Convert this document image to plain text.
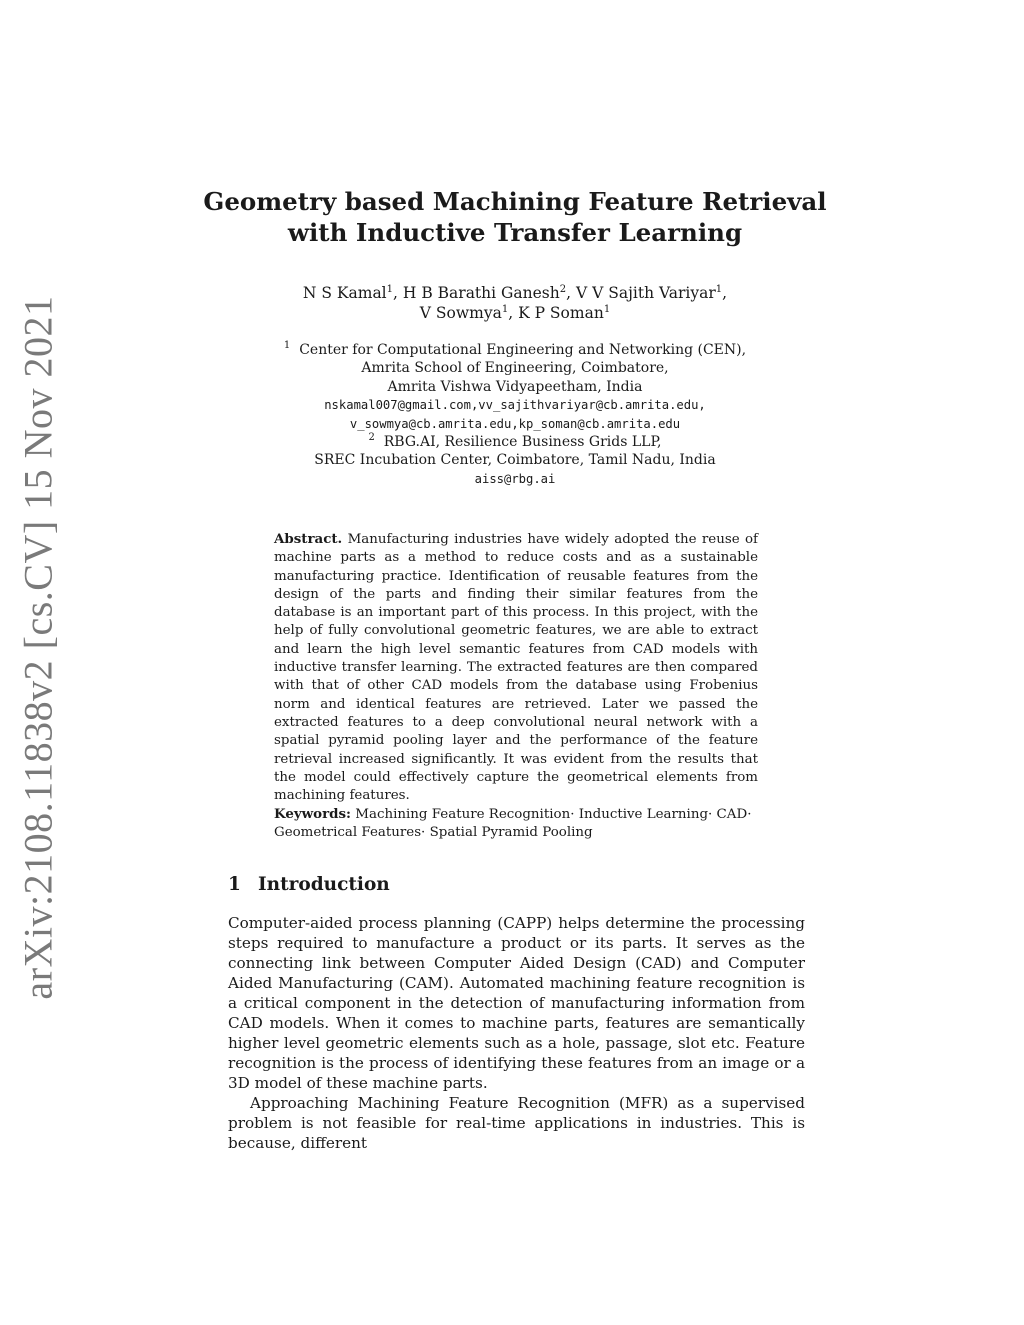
arXiv:2108.11838v2 [cs.CV] 15 Nov 2021
Geometry based Machining Feature Retrieval
with Inductive Transfer Learning
N S Kamal$^1$, H B Barathi Ganesh$^2$, V V Sajith Variyar$^1$,
V Sowmya$^1$, K P Soman$^1$
$^1$ Center for Computational Engineering and Networking (CEN),
Amrita School of Engineering, Coimbatore,
Amrita Vishwa Vidyapeetham, India
nskamal007@gmail.com,vv_sajithvariyar@cb.amrita.edu,
v_sowmya@cb.amrita.edu,kp_soman@cb.amrita.edu
$^2$ RBG.AI, Resilience Business Grids LLP,
SREC Incubation Center, Coimbatore, Tamil Nadu, India
aiss@rbg.ai

Abstract. Manufacturing industries have widely adopted the reuse of machine parts as a method to reduce costs and as a sustainable manufacturing practice. Identification of reusable features from the design of the parts and finding their similar features from the database is an important part of this process. In this project, with the help of fully convolutional geometric features, we are able to extract and learn the high level semantic features from CAD models with inductive transfer learning. The extracted features are then compared with that of other CAD models from the database using Frobenius norm and identical features are retrieved. Later we passed the extracted features to a deep convolutional neural network with a spatial pyramid pooling layer and the performance of the feature retrieval increased significantly. It was evident from the results that the model could effectively capture the geometrical elements from machining features.

Keywords: Machining Feature Recognition· Inductive Learning· CAD· Geometrical Features· Spatial Pyramid Pooling

1 Introduction

Computer-aided process planning (CAPP) helps determine the processing steps required to manufacture a product or its parts. It serves as the connecting link between Computer Aided Design (CAD) and Computer Aided Manufacturing (CAM). Automated machining feature recognition is a critical component in the detection of manufacturing information from CAD models. When it comes to machine parts, features are semantically higher level geometric elements such as a hole, passage, slot etc. Feature recognition is the process of identifying these features from an image or a 3D model of these machine parts.

Approaching Machining Feature Recognition (MFR) as a supervised problem is not feasible for real-time applications in industries. This is because, different
